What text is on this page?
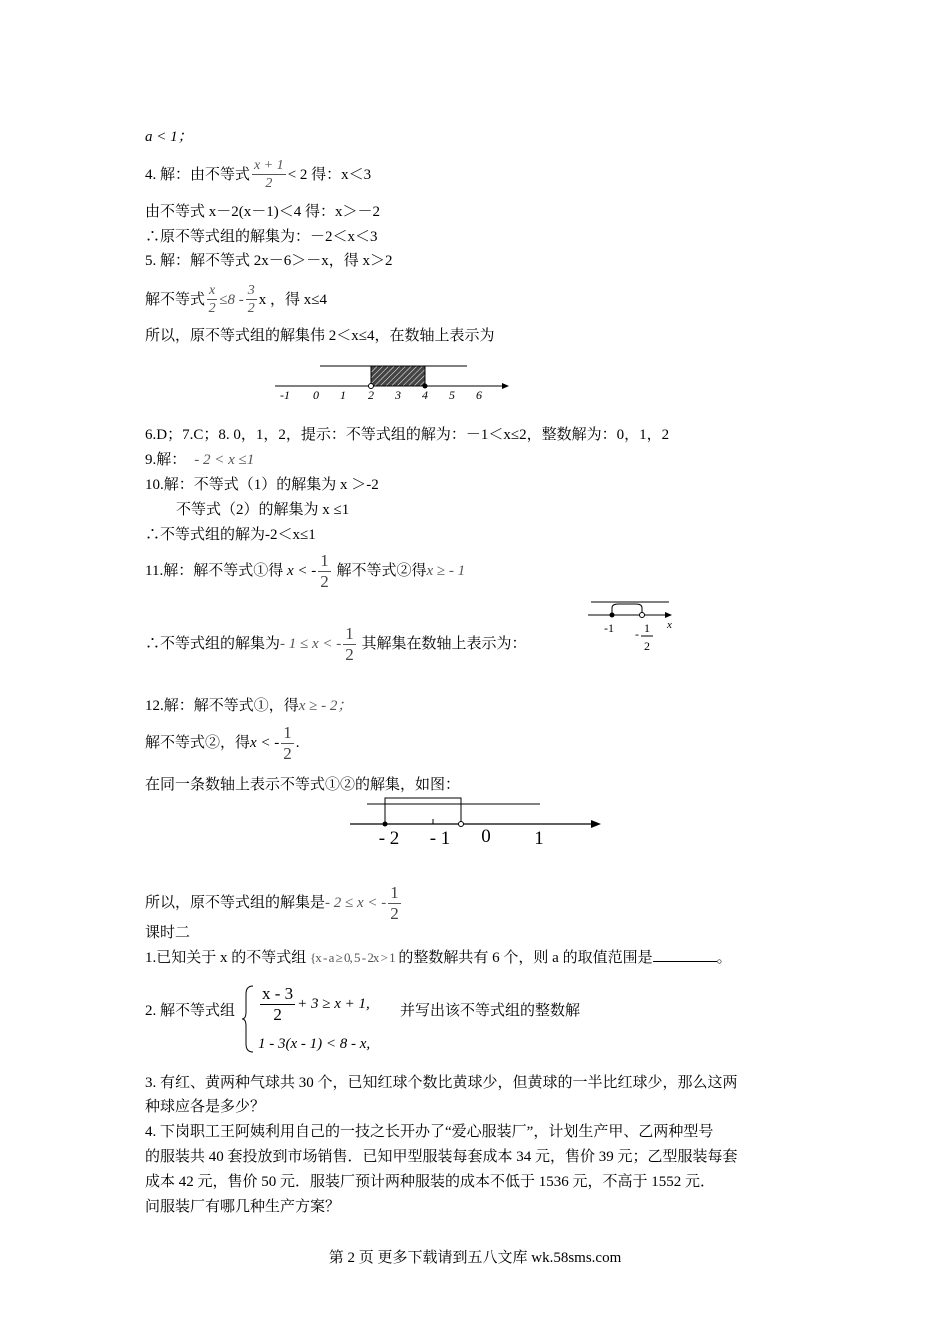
a < 1；
4. 解：由不等式 $\frac{x + 1}{2} < 2$ 得：x＜3
由不等式 x－2(x－1)＜4 得：x＞－2
∴原不等式组的解集为：－2＜x＜3
5. 解：解不等式 2x－6＞－x，得 x＞2
解不等式 $\frac{x}{2} \le 8 - \frac{3}{2}$ x ，得 x≤4
所以，原不等式组的解集伟 2＜x≤4，在数轴上表示为
-1 0 1 2 3 4 5 6
6.D；7.C；8. 0，1，2，提示：不等式组的解为：－1＜x≤2，整数解为：0，1，2
9.解： - 2 < x ≤1
10.解：不等式（1）的解集为 x ＞-2
不等式（2）的解集为 x ≤1
∴不等式组的解为-2＜x≤1
11.解：解不等式①得 x < - $\frac{1}{2}$ 解不等式②得x ≥ - 1
-1	x
- 1
2
∴不等式组的解集为- 1 ≤ x < - $\frac{1}{2}$ 其解集在数轴上表示为：
12.解：解不等式①，得x ≥ - 2；
解不等式②，得x < - $\frac{1}{2}$ .
在同一条数轴上表示不等式①②的解集，如图：
- 2 - 1 0 1
所以，原不等式组的解集是- 2 ≤ x < - $\frac{1}{2}$
课时二
1.已知关于 x 的不等式组 {x - a ≥ 0, 5 - 2x > 1 的整数解共有 6 个，则 a 的取值范围是	。
2. 解不等式组 $\frac{x - 3}{2} + 3 \ge x + 1$,
1 - 3(x - 1) < 8 - x,
并写出该不等式组的整数解
3. 有红、黄两种气球共 30 个，已知红球个数比黄球少，但黄球的一半比红球少，那么这两
种球应各是多少？
4. 下岗职工王阿姨利用自己的一技之长开办了“爱心服装厂”，计划生产甲、乙两种型号
的服装共 40 套投放到市场销售．已知甲型服装每套成本 34 元，售价 39 元；乙型服装每套
成本 42 元，售价 50 元．服装厂预计两种服装的成本不低于 1536 元，不高于 1552 元．
问服装厂有哪几种生产方案？
第 2 页 更多下载请到五八文库 wk.58sms.com
